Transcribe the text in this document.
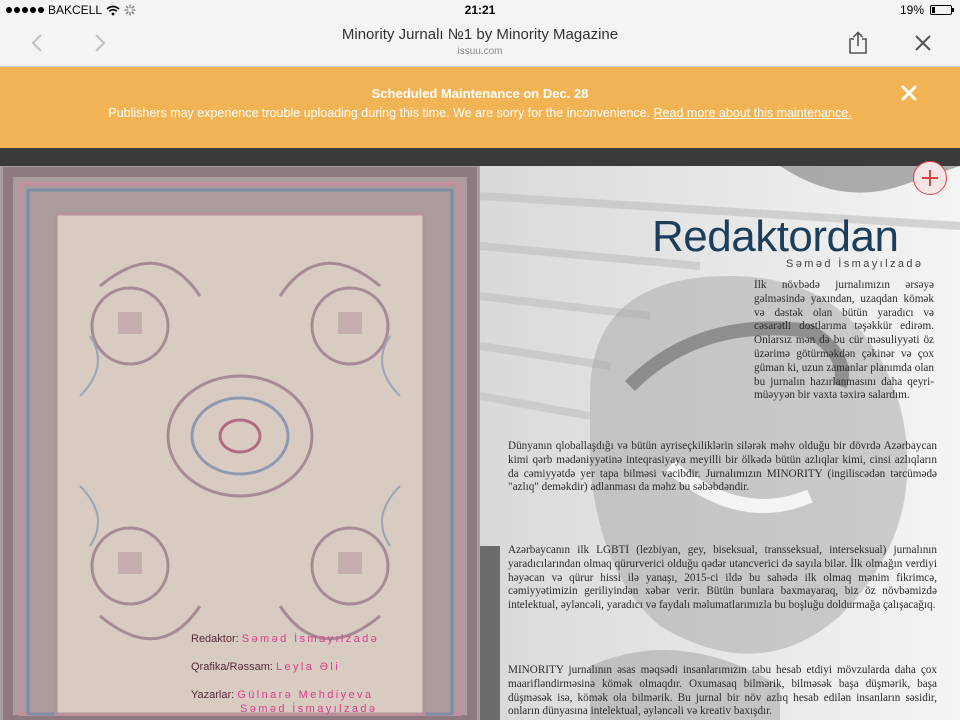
BAKCELL	21:21	19%
Minority Jurnalı №1 by Minority Magazine
issuu.com
Scheduled Maintenance on Dec. 28
Publishers may experience trouble uploading during this time. We are sorry for the inconvenience. Read more about this maintenance.
Redaktor: Səməd İsmayılzadə
Qrafika/Rəssam: Leyla Əli
Yazarlar: Gülnarə Mehdiyeva
Səməd İsmayılzadə
Redaktordan
Səməd İsmayılzadə

İlk növbədə jurnalımızın ərsəyə gəlməsində yaxından, uzaqdan kömək və dəstək olan bütün yaradıcı və cəsarətli dostlarıma təşəkkür edirəm. Onlarsız mən də bu cür məsuliyyəti öz üzərimə götürməkdən çəkinər və çox güman ki, uzun zamanlar planımda olan bu jurnalın hazırlanmasını daha qeyri-müəyyən bir vaxta təxirə salardım.

Dünyanın qloballaşdığı və bütün ayriseçkiliklərin silərək məhv olduğu bir dövrdə Azərbaycan kimi qərb mədəniyyətinə inteqrasiyaya meyilli bir ölkədə bütün azlıqlar kimi, cinsi azlıqların da cəmiyyətdə yer tapa bilməsi vacibdir. Jurnalımızın MINORITY (ingiliscədən tərcümədə "azlıq" deməkdir) adlanması da məhz bu səbəbdəndir.

Azərbaycanın ilk LGBTİ (lezbiyan, gey, biseksual, transseksual, interseksual) jurnalının yaradıcılarından olmaq qürurverici olduğu qədər utancverici də sayıla bilər. İlk olmağın verdiyi həyəcan və qürur hissi ilə yanaşı, 2015-ci ildə bu sahədə ilk olmaq mənim fikrimcə, cəmiyyətimizin geriliyindən xəbər verir. Bütün bunlara baxmayaraq, biz öz növbəmizdə intelektual, əyləncəli, yaradıcı və faydalı məlumatlarımızla bu boşluğu doldurmağa çalışacağıq.

MINORITY jurnalının əsas məqsədi insanlarımızın tabu hesab etdiyi mövzularda daha çox maarifləndirməsinə kömək olmaqdır. Oxumasaq bilmərik, bilməsək başa düşmərik, başa düşməsək isə, kömək ola bilmərik. Bu jurnal bir növ azlıq hesab edilən insanların səsidir, onların dünyasına intelektual, əyləncəli və kreativ baxışdır.
